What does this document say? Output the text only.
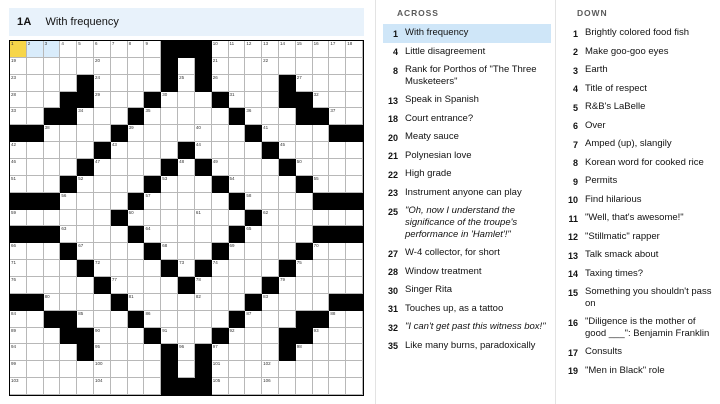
1A With frequency
1	2	3	4	5	6	7	8	9	10	11	12	13	14	15	16	17	18
19	20	21	22
23	24	25	26	27
28	29	30	31	32
33	34	35	36	37
38	39	40	41
42	43	44	45
46	47	48	49	50
51	52	53	54	55
56	57	58
59	60	61	62
63	64	65
66	67	68	69	70
71	72	73	74	75
76	77	78	79
80	81	82	83
84	85	86	87	88
89	90	91	92	93
94	95	96	97	98
99	100	101	102
103	104	105	106
ACROSS
1 With frequency
4 Little disagreement
8 Rank for Porthos of "The Three Musketeers"
13 Speak in Spanish
18 Court entrance?
20 Meaty sauce
21 Polynesian love
22 High grade
23 Instrument anyone can play
25 "Oh, now I understand the significance of the troupe's performance in 'Hamlet'!"
27 W-4 collector, for short
28 Window treatment
30 Singer Rita
31 Touches up, as a tattoo
32 "I can't get past this witness box!"
35 Like many burns, paradoxically
DOWN
1 Brightly colored food fish
2 Make goo-goo eyes
3 Earth
4 Title of respect
5 R&B's LaBelle
6 Over
7 Amped (up), slangily
8 Korean word for cooked rice
9 Permits
10 Find hilarious
11 "Well, that's awesome!"
12 "Stillmatic" rapper
13 Talk smack about
14 Taxing times?
15 Something you shouldn't pass on
16 "Diligence is the mother of good ___": Benjamin Franklin
17 Consults
19 "Men in Black" role
